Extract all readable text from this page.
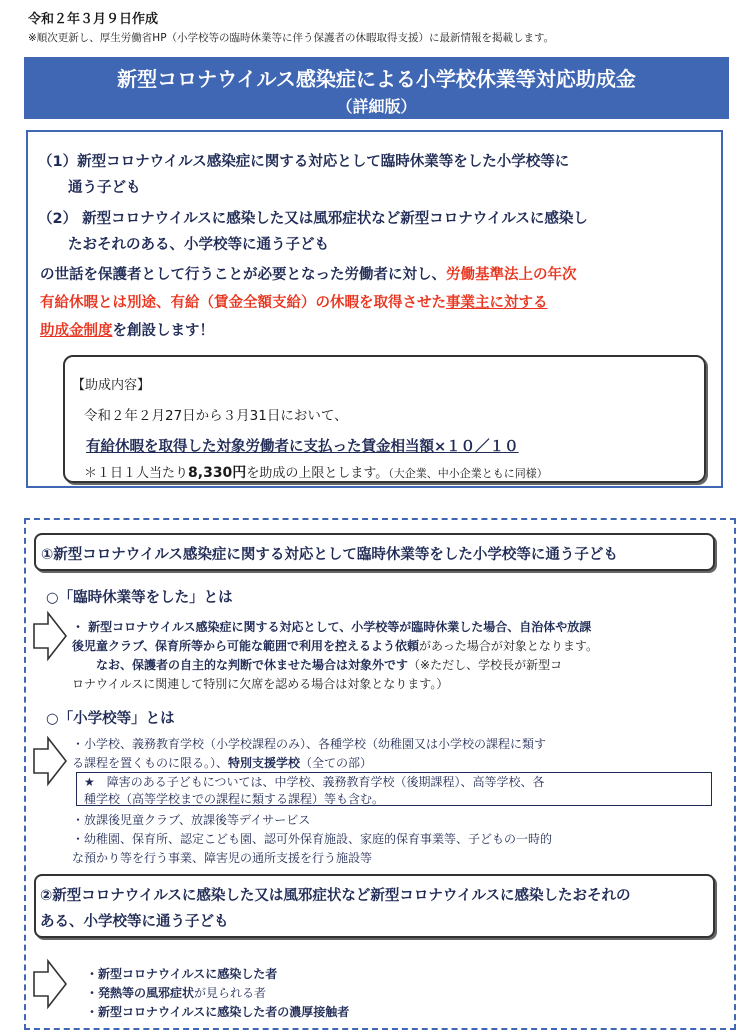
令和２年３月９日作成
※順次更新し、厚生労働省HP（小学校等の臨時休業等に伴う保護者の休暇取得支援）に最新情報を掲載します。
新型コロナウイルス感染症による小学校休業等対応助成金
（詳細版）
（1）新型コロナウイルス感染症に関する対応として臨時休業等をした小学校等に
通う子ども
（2） 新型コロナウイルスに感染した又は風邪症状など新型コロナウイルスに感染し
たおそれのある、小学校等に通う子ども
の世話を保護者として行うことが必要となった労働者に対し、労働基準法上の年次
有給休暇とは別途、有給（賃金全額支給）の休暇を取得させた事業主に対する
助成金制度を創設します！
【助成内容】
令和２年２月27日から３月31日において、
有給休暇を取得した対象労働者に支払った賃金相当額×１０／１０
＊１日１人当たり8,330円を助成の上限とします。（大企業、中小企業ともに同様）
①新型コロナウイルス感染症に関する対応として臨時休業等をした小学校等に通う子ども
○「臨時休業等をした」とは
・ 新型コロナウイルス感染症に関する対応として、小学校等が臨時休業した場合、自治体や放課
後児童クラブ、保育所等から可能な範囲で利用を控えるよう依頼があった場合が対象となります。
なお、保護者の自主的な判断で休ませた場合は対象外です（※ただし、学校長が新型コ
ロナウイルスに関連して特別に欠席を認める場合は対象となります。）
○「小学校等」とは
・小学校、義務教育学校（小学校課程のみ）、各種学校（幼稚園又は小学校の課程に類す
る課程を置くものに限る。）、特別支援学校（全ての部）
★　障害のある子どもについては、中学校、義務教育学校（後期課程）、高等学校、各
種学校（高等学校までの課程に類する課程）等も含む。
・放課後児童クラブ、放課後等デイサービス
・幼稚園、保育所、認定こども園、認可外保育施設、家庭的保育事業等、子どもの一時的
な預かり等を行う事業、障害児の通所支援を行う施設等
②新型コロナウイルスに感染した又は風邪症状など新型コロナウイルスに感染したおそれの
ある、小学校等に通う子ども
・新型コロナウイルスに感染した者
・発熱等の風邪症状が見られる者
・新型コロナウイルスに感染した者の濃厚接触者
